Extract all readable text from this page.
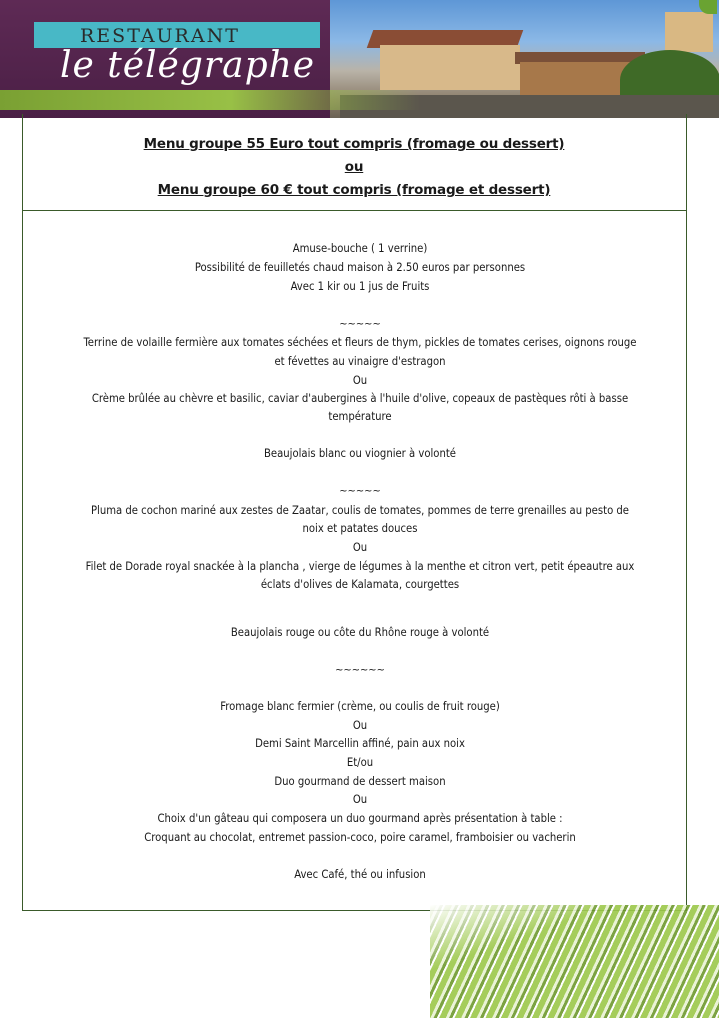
RESTAURANT
le télégraphe
Menu groupe 55 Euro tout compris (fromage ou dessert)
ou
Menu groupe 60 € tout compris (fromage et dessert)
Amuse-bouche ( 1 verrine)
Possibilité de feuilletés chaud maison à 2.50 euros par personnes
Avec 1 kir ou 1 jus de Fruits
~~~~~
Terrine de volaille fermière aux tomates séchées et fleurs de thym, pickles de tomates cerises, oignons rouge
et févettes au vinaigre d'estragon
Ou
Crème brûlée au chèvre et basilic, caviar d'aubergines à l'huile d'olive, copeaux de pastèques rôti à basse
température
Beaujolais blanc ou viognier à volonté
~~~~~
Pluma de cochon mariné aux zestes de Zaatar, coulis de tomates, pommes de terre grenailles au pesto de
noix et patates douces
Ou
Filet de Dorade royal snackée à la plancha , vierge de légumes à la menthe et citron vert, petit épeautre aux
éclats d'olives de Kalamata, courgettes
Beaujolais rouge ou côte du Rhône rouge à volonté
~~~~~~
Fromage blanc fermier (crème, ou coulis de fruit rouge)
Ou
Demi Saint Marcellin affiné, pain aux noix
Et/ou
Duo gourmand de dessert maison
Ou
Choix d'un gâteau qui composera un duo gourmand après présentation à table :
Croquant au chocolat, entremet passion-coco, poire caramel, framboisier ou vacherin
Avec Café, thé ou infusion
